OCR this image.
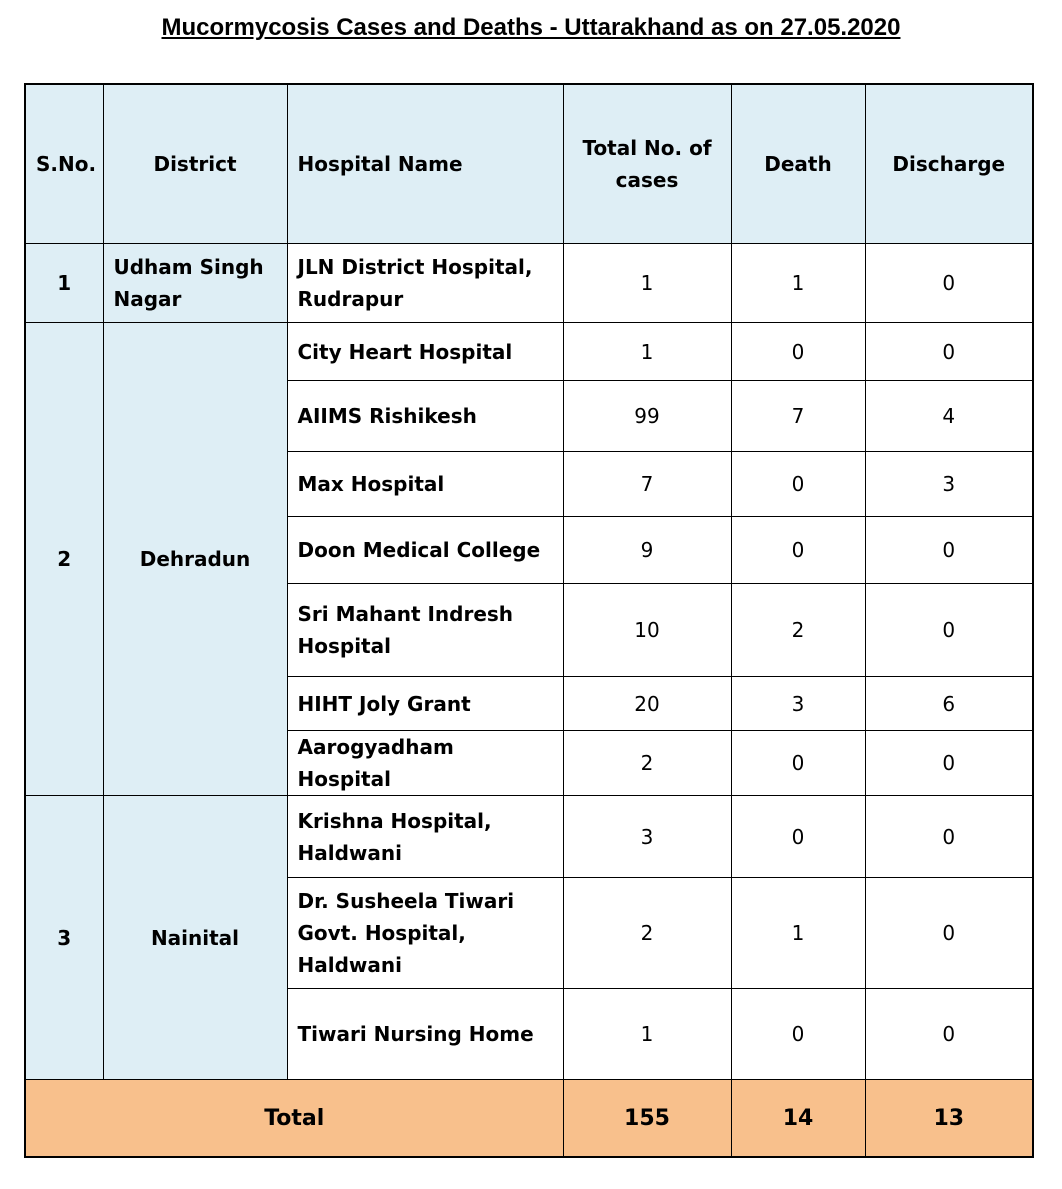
Mucormycosis Cases and Deaths - Uttarakhand as on 27.05.2020
S.No.	District	Hospital Name	Total No. of cases	Death	Discharge
1	Udham Singh Nagar	JLN District Hospital, Rudrapur	1	1	0
2	Dehradun	City Heart Hospital	1	0	0
		AIIMS Rishikesh	99	7	4
		Max Hospital	7	0	3
		Doon Medical College	9	0	0
		Sri Mahant Indresh Hospital	10	2	0
		HIHT Joly Grant	20	3	6
		Aarogyadham Hospital	2	0	0
3	Nainital	Krishna Hospital, Haldwani	3	0	0
		Dr. Susheela Tiwari Govt. Hospital, Haldwani	2	1	0
		Tiwari Nursing Home	1	0	0
Total			155	14	13
